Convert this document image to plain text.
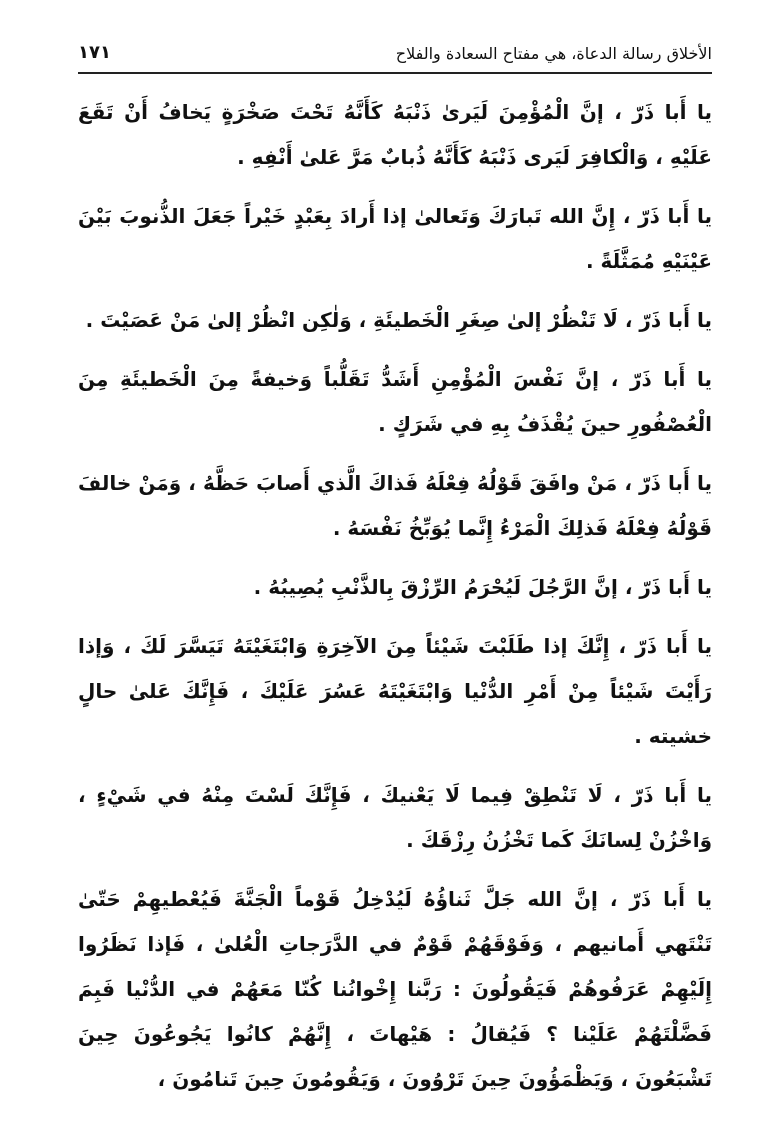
الأخلاق رسالة الدعاة، هي مفتاح السعادة والفلاح
١٧١

يا أَبا ذَرّ ، إنَّ الْمُؤْمِنَ لَيَرىٰ ذَنْبَهُ كَأَنَّهُ تَحْتَ صَخْرَةٍ يَخافُ أَنْ تَقَعَ عَلَيْهِ ، وَالْكافِرَ لَيَرى ذَنْبَهُ كَأَنَّهُ ذُبابٌ مَرَّ عَلىٰ أَنْفِهِ .

يا أَبا ذَرّ ، إِنَّ الله تَبارَكَ وَتَعالىٰ إذا أَرادَ بِعَبْدٍ خَيْراً جَعَلَ الذُّنوبَ بَيْنَ عَيْنَيْهِ مُمَثَّلَةً .

يا أَبا ذَرّ ، لَا تَنْظُرْ إلىٰ صِغَرِ الْخَطيئَةِ ، وَلٰكِن انْظُرْ إلىٰ مَنْ عَصَيْتَ .

يا أَبا ذَرّ ، إنَّ نَفْسَ الْمُؤْمِنِ أَشَدُّ تَقَلُّباً وَخيفةً مِنَ الْخَطيئَةِ مِنَ الْعُصْفُورِ حينَ يُقْذَفُ بِهِ في شَرَكٍ .

يا أَبا ذَرّ ، مَنْ وافَقَ قَوْلُهُ فِعْلَهُ فَذاكَ الَّذي أَصابَ حَظَّهُ ، وَمَنْ خالفَ قَوْلُهُ فِعْلَهُ فَذلِكَ الْمَرْءُ إِنَّما يُوَبِّخُ نَفْسَهُ .

يا أَبا ذَرّ ، إنَّ الرَّجُلَ لَيُحْرَمُ الرِّزْقَ بِالذَّنْبِ يُصِيبُهُ .

يا أَبا ذَرّ ، إِنَّكَ إذا طَلَبْتَ شَيْئاً مِنَ الآخِرَةِ وَابْتَغَيْتَهُ تَيَسَّرَ لَكَ ، وَإذا رَأَيْتَ شَيْئاً مِنْ أَمْرِ الدُّنْيا وَابْتَغَيْتَهُ عَسُرَ عَلَيْكَ ، فَإِنَّكَ عَلىٰ حالٍ خشيته .

يا أَبا ذَرّ ، لَا تَنْطِقْ فِيما لَا يَعْنيكَ ، فَإِنَّكَ لَسْتَ مِنْهُ في شَيْءٍ ، وَاخْزُنْ لِسانَكَ كَما تَخْزُنُ رِزْقَكَ .

يا أَبا ذَرّ ، إنَّ الله جَلَّ ثَناؤُهُ لَيُدْخِلُ قَوْماً الْجَنَّةَ فَيُعْطيهِمْ حَتّىٰ تَنْتَهي أَمانيهم ، وَفَوْقَهُمْ قَوْمٌ في الدَّرَجاتِ الْعُلىٰ ، فَإذا نَظَرُوا إِلَيْهِمْ عَرَفُوهُمْ فَيَقُولُونَ : رَبَّنا إِخْوانُنا كُنّا مَعَهُمْ في الدُّنْيا فَبِمَ فَضَّلْتَهُمْ عَلَيْنا ؟ فَيُقالُ : هَيْهاتَ ، إِنَّهُمْ كانُوا يَجُوعُونَ حِينَ تَشْبَعُونَ ، وَيَظْمَؤُونَ حِينَ تَرْوُونَ ، وَيَقُومُونَ حِينَ تَنامُونَ ،
